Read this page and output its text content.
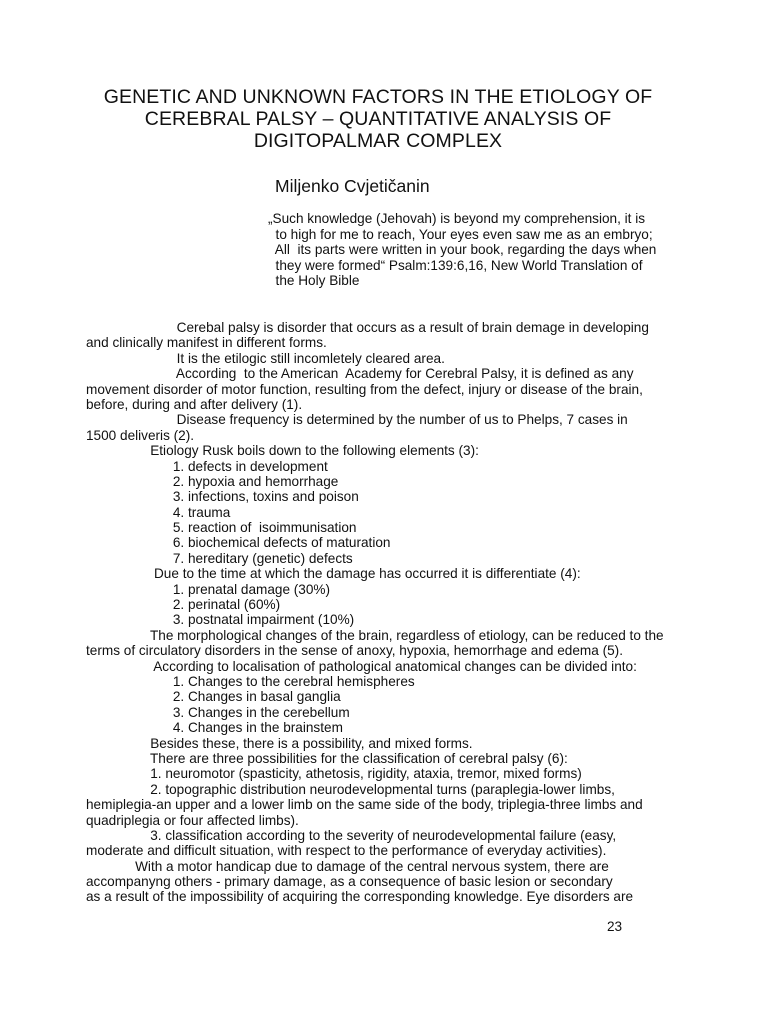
GENETIC AND UNKNOWN FACTORS IN THE ETIOLOGY OF
CEREBRAL PALSY – QUANTITATIVE ANALYSIS OF
DIGITOPALMAR COMPLEX
Miljenko Cvjetičanin
„Such knowledge (Jehovah) is beyond my comprehension, it is
to high for me to reach, Your eyes even saw me as an embryo;
All  its parts were written in your book, regarding the days when
they were formed“ Psalm:139:6,16, New World Translation of
the Holy Bible
Cerebal palsy is disorder that occurs as a result of brain demage in developing
and clinically manifest in different forms.
It is the etilogic still incomletely cleared area.
According  to the American  Academy for Cerebral Palsy, it is defined as any
movement disorder of motor function, resulting from the defect, injury or disease of the brain,
before, during and after delivery (1).
Disease frequency is determined by the number of us to Phelps, 7 cases in
1500 deliveris (2).
Etiology Rusk boils down to the following elements (3):
1. defects in development
2. hypoxia and hemorrhage
3. infections, toxins and poison
4. trauma
5. reaction of  isoimmunisation
6. biochemical defects of maturation
7. hereditary (genetic) defects
Due to the time at which the damage has occurred it is differentiate (4):
1. prenatal damage (30%)
2. perinatal (60%)
3. postnatal impairment (10%)
The morphological changes of the brain, regardless of etiology, can be reduced to the
terms of circulatory disorders in the sense of anoxy, hypoxia, hemorrhage and edema (5).
According to localisation of pathological anatomical changes can be divided into:
1. Changes to the cerebral hemispheres
2. Changes in basal ganglia
3. Changes in the cerebellum
4. Changes in the brainstem
Besides these, there is a possibility, and mixed forms.
There are three possibilities for the classification of cerebral palsy (6):
1. neuromotor (spasticity, athetosis, rigidity, ataxia, tremor, mixed forms)
2. topographic distribution neurodevelopmental turns (paraplegia-lower limbs,
hemiplegia-an upper and a lower limb on the same side of the body, triplegia-three limbs and
quadriplegia or four affected limbs).
3. classification according to the severity of neurodevelopmental failure (easy,
moderate and difficult situation, with respect to the performance of everyday activities).
With a motor handicap due to damage of the central nervous system, there are
accompanyng others - primary damage, as a consequence of basic lesion or secondary
as a result of the impossibility of acquiring the corresponding knowledge. Eye disorders are
23
